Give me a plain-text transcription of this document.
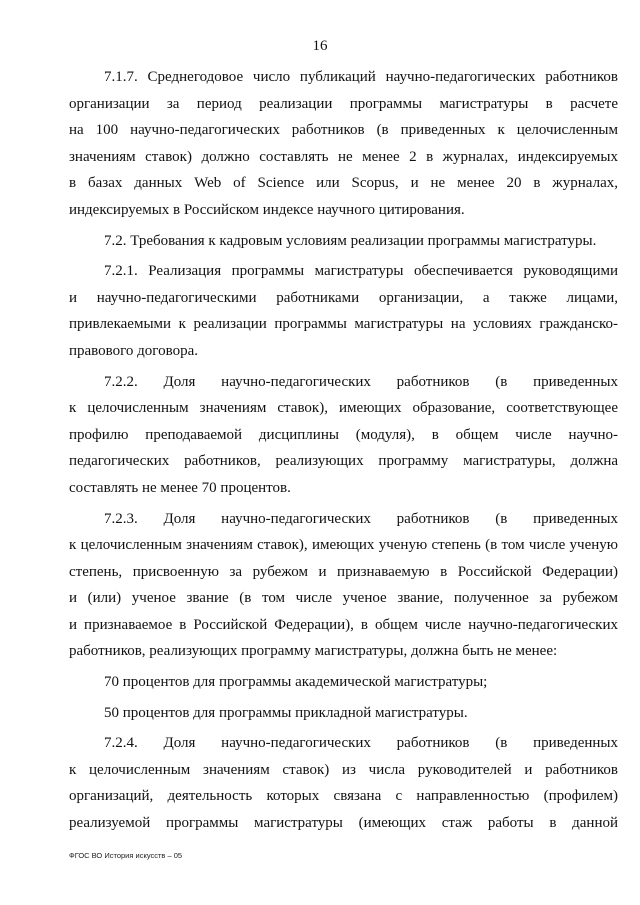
16
7.1.7. Среднегодовое число публикаций научно-педагогических работников
организации за период реализации программы магистратуры в расчете
на 100 научно-педагогических работников (в приведенных к целочисленным
значениям ставок) должно составлять не менее 2 в журналах, индексируемых
в базах данных Web of Science или Scopus, и не менее 20 в журналах,
индексируемых в Российском индексе научного цитирования.
7.2. Требования к кадровым условиям реализации программы магистратуры.
7.2.1. Реализация программы магистратуры обеспечивается руководящими
и научно-педагогическими работниками организации, а также лицами,
привлекаемыми к реализации программы магистратуры на условиях гражданско-
правового договора.
7.2.2. Доля научно-педагогических работников (в приведенных
к целочисленным значениям ставок), имеющих образование, соответствующее
профилю преподаваемой дисциплины (модуля), в общем числе научно-
педагогических работников, реализующих программу магистратуры, должна
составлять не менее 70 процентов.
7.2.3. Доля научно-педагогических работников (в приведенных
к целочисленным значениям ставок), имеющих ученую степень (в том числе ученую
степень, присвоенную за рубежом и признаваемую в Российской Федерации)
и (или) ученое звание (в том числе ученое звание, полученное за рубежом
и признаваемое в Российской Федерации), в общем числе научно-педагогических
работников, реализующих программу магистратуры, должна быть не менее:
70 процентов для программы академической магистратуры;
50 процентов для программы прикладной магистратуры.
7.2.4. Доля научно-педагогических работников (в приведенных
к целочисленным значениям ставок) из числа руководителей и работников
организаций, деятельность которых связана с направленностью (профилем)
реализуемой программы магистратуры (имеющих стаж работы в данной
ФГОС ВО История искусств – 05
